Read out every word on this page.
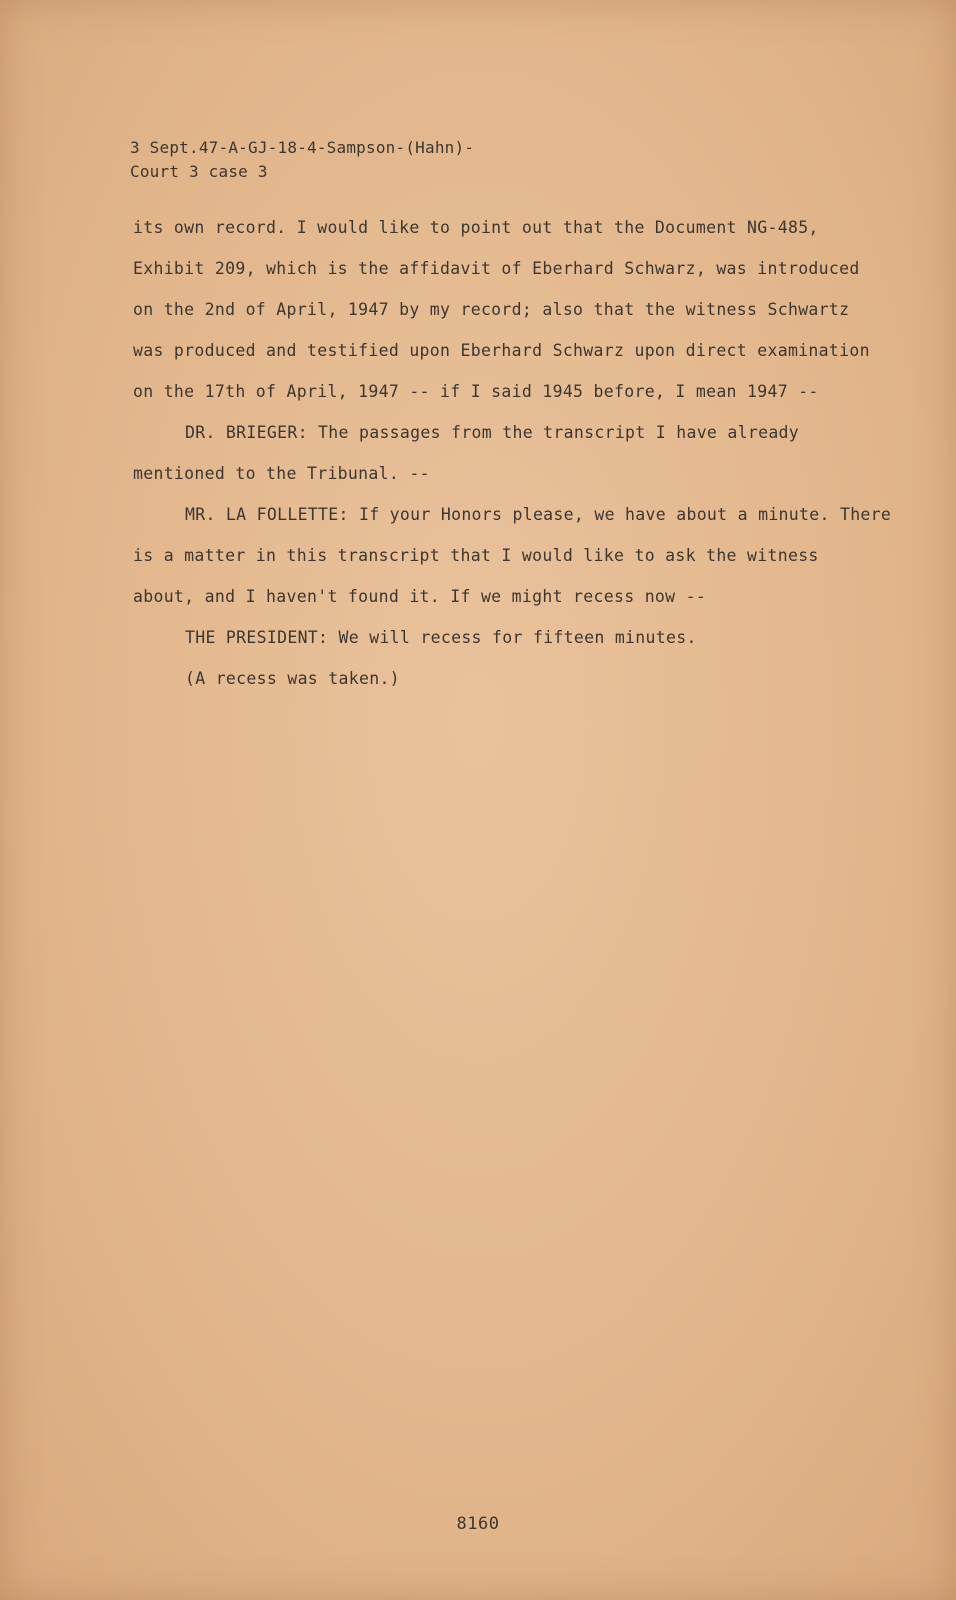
3 Sept.47-A-GJ-18-4-Sampson-(Hahn)-
Court 3 case 3
its own record. I would like to point out that the Document NG-485,
Exhibit 209, which is the affidavit of Eberhard Schwarz, was introduced
on the 2nd of April, 1947 by my record; also that the witness Schwartz
was produced and testified upon Eberhard Schwarz upon direct examination
on the 17th of April, 1947 -- if I said 1945 before, I mean 1947 --
DR. BRIEGER: The passages from the transcript I have already
mentioned to the Tribunal. --
MR. LA FOLLETTE: If your Honors please, we have about a minute. There
is a matter in this transcript that I would like to ask the witness
about, and I haven't found it. If we might recess now --
THE PRESIDENT: We will recess for fifteen minutes.
(A recess was taken.)
8160
